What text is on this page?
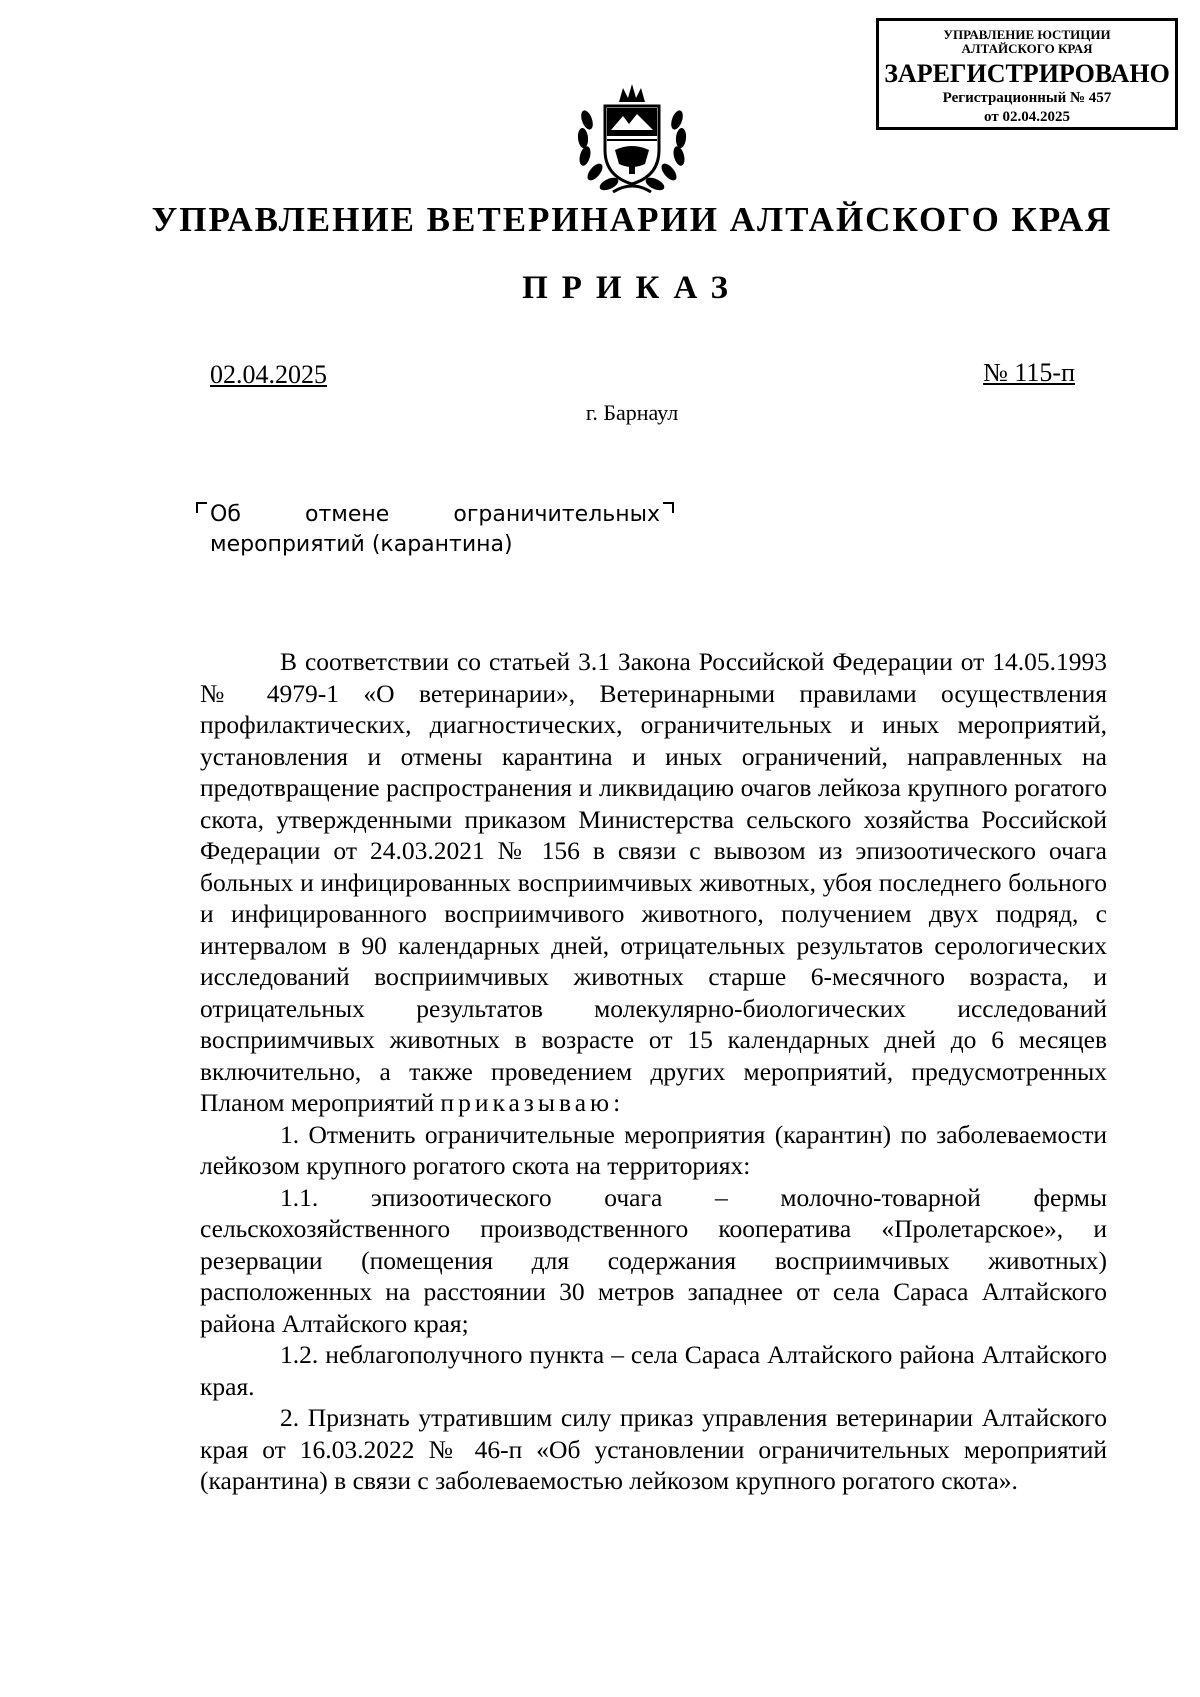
УПРАВЛЕНИЕ ЮСТИЦИИ
АЛТАЙСКОГО КРАЯ
ЗАРЕГИСТРИРОВАНО
Регистрационный № 457
от 02.04.2025
УПРАВЛЕНИЕ ВЕТЕРИНАРИИ АЛТАЙСКОГО КРАЯ
ПРИКАЗ
02.04.2025	№ 115-п
г. Барнаул
Об	отмене	ограничительных
мероприятий (карантина)

В соответствии со статьей 3.1 Закона Российской Федерации от 14.05.1993 № 4979-1 «О ветеринарии», Ветеринарными правилами осуществления профилактических, диагностических, ограничительных и иных мероприятий, установления и отмены карантина и иных ограничений, направленных на предотвращение распространения и ликвидацию очагов лейкоза крупного рогатого скота, утвержденными приказом Министерства сельского хозяйства Российской Федерации от 24.03.2021 № 156 в связи с вывозом из эпизоотического очага больных и инфицированных восприимчивых животных, убоя последнего больного и инфицированного восприимчивого животного, получением двух подряд, с интервалом в 90 календарных дней, отрицательных результатов серологических исследований восприимчивых животных старше 6-месячного возраста, и отрицательных результатов молекулярно-биологических исследований восприимчивых животных в возрасте от 15 календарных дней до 6 месяцев включительно, а также проведением других мероприятий, предусмотренных Планом мероприятий приказываю:

1. Отменить ограничительные мероприятия (карантин) по заболеваемости лейкозом крупного рогатого скота на территориях:

1.1. эпизоотического очага – молочно-товарной фермы сельскохозяйственного производственного кооператива «Пролетарское», и резервации (помещения для содержания восприимчивых животных) расположенных на расстоянии 30 метров западнее от села Сараса Алтайского района Алтайского края;

1.2. неблагополучного пункта – села Сараса Алтайского района Алтайского края.

2. Признать утратившим силу приказ управления ветеринарии Алтайского края от 16.03.2022 № 46-п «Об установлении ограничительных мероприятий (карантина) в связи с заболеваемостью лейкозом крупного рогатого скота».
